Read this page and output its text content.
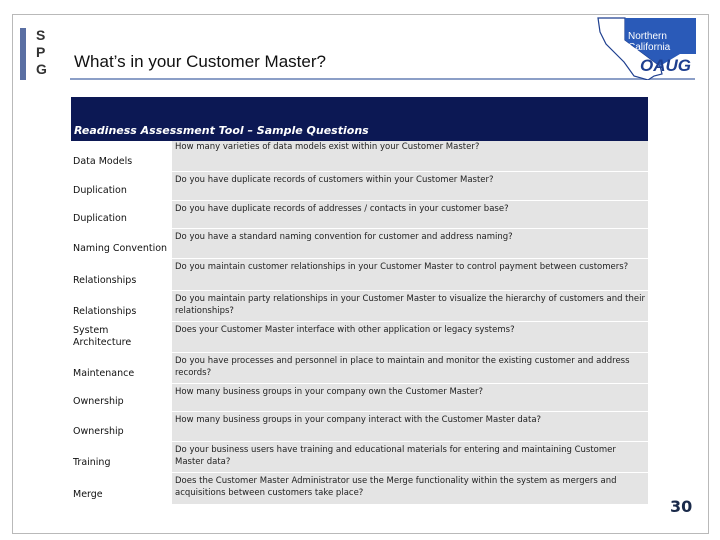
S
P
G	What’s in your Customer Master?
Northern
California
OAUG
Readiness Assessment Tool – Sample Questions
Data Models
How many varieties of data models exist within your Customer Master?
Duplication
Do you have duplicate records of customers within your Customer Master?
Duplication
Do you have duplicate records of addresses / contacts in your customer base?
Naming Convention
Do you have a standard naming convention for customer and address naming?
Relationships
Do you maintain customer relationships in your Customer Master to control payment between customers?
Relationships
Do you maintain party relationships in your Customer Master to visualize the hierarchy of customers and their relationships?
System Architecture
Does your Customer Master interface with other application or legacy systems?
Maintenance
Do you have processes and personnel in place to maintain and monitor the existing customer and address records?
Ownership
How many business groups in your company own the Customer Master?
Ownership
How many business groups in your company interact with the Customer Master data?
Training
Do your business users have training and educational materials for entering and maintaining Customer Master data?
Merge
Does the Customer Master Administrator use the Merge functionality within the system as mergers and acquisitions between customers take place?
30
